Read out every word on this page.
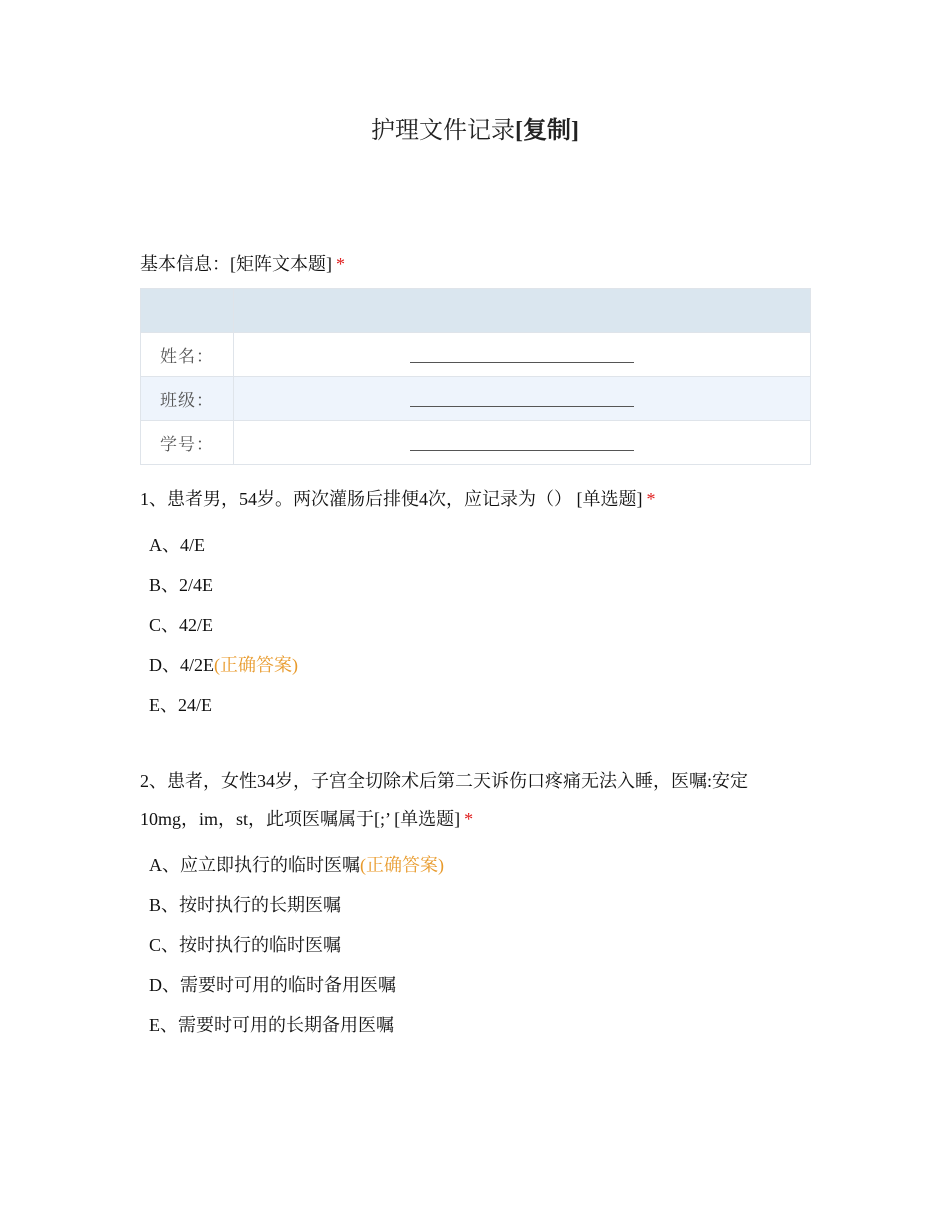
护理文件记录[复制]
基本信息：[矩阵文本题] *

姓名：	
班级：	
学号：	
1、患者男，54岁。两次灌肠后排便4次，应记录为（） [单选题] *
A、4/E
B、2/4E
C、42/E
D、4/2E(正确答案)
E、24/E
2、患者，女性34岁，子宫全切除术后第二天诉伤口疼痛无法入睡，医嘱:安定
10mg，im，st，此项医嘱属于[;’ [单选题] *
A、应立即执行的临时医嘱(正确答案)
B、按时执行的长期医嘱
C、按时执行的临时医嘱
D、需要时可用的临时备用医嘱
E、需要时可用的长期备用医嘱
